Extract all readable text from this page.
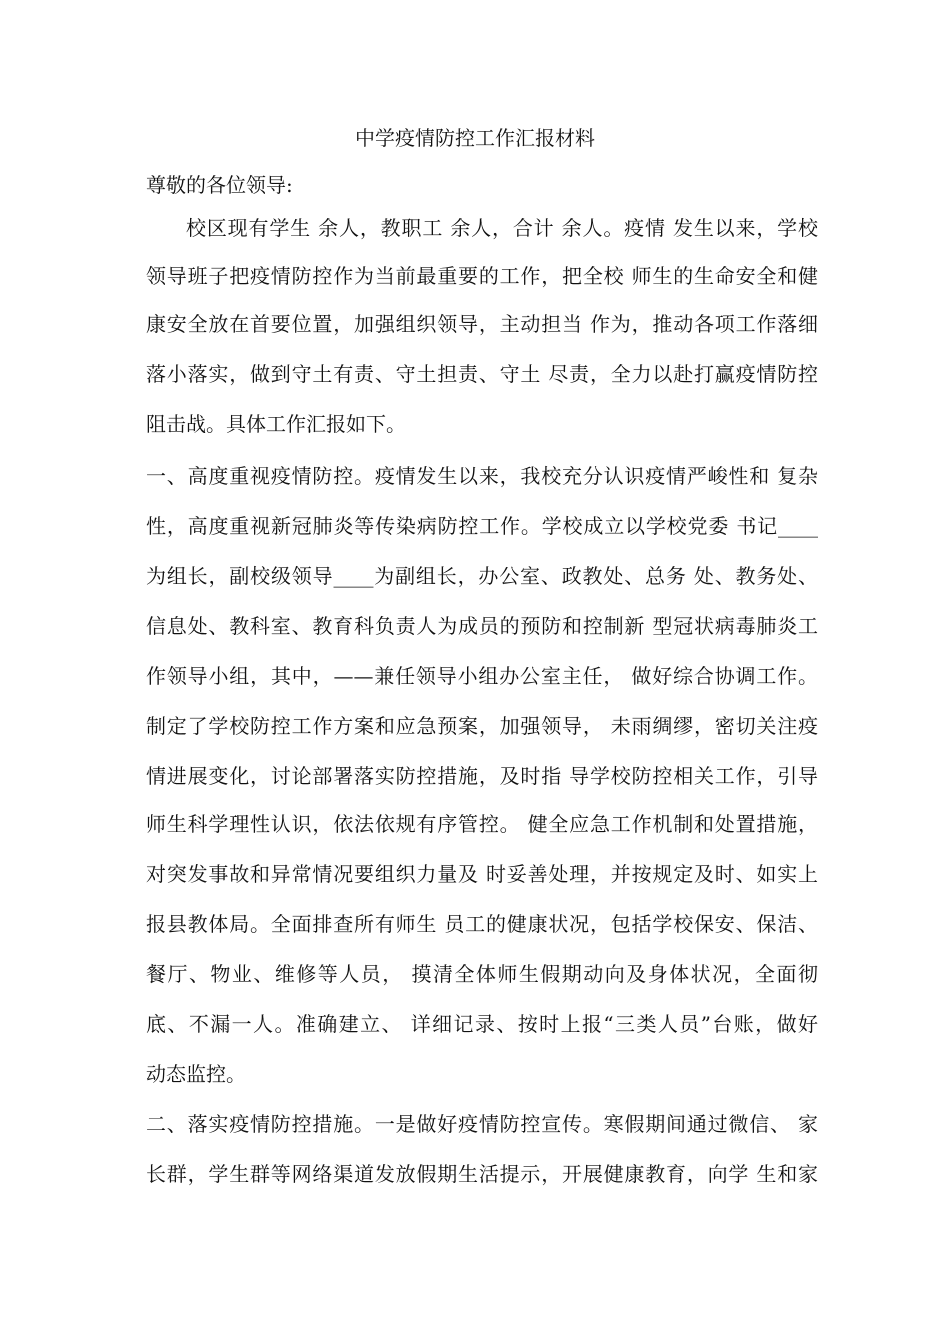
中学疫情防控工作汇报材料
尊敬的各位领导:
校区现有学生 余人，教职工 余人，合计 余人。疫情 发生以来，学校
领导班子把疫情防控作为当前最重要的工作，把全校 师生的生命安全和健
康安全放在首要位置，加强组织领导，主动担当 作为，推动各项工作落细
落小落实，做到守土有责、守土担责、守土 尽责，全力以赴打赢疫情防控
阻击战。具体工作汇报如下。
一、高度重视疫情防控。疫情发生以来，我校充分认识疫情严峻性和 复杂
性，高度重视新冠肺炎等传染病防控工作。学校成立以学校党委 书记____
为组长，副校级领导____为副组长，办公室、政教处、总务 处、教务处、
信息处、教科室、教育科负责人为成员的预防和控制新 型冠状病毒肺炎工
作领导小组，其中，——兼任领导小组办公室主任， 做好综合协调工作。
制定了学校防控工作方案和应急预案，加强领导， 未雨绸缪，密切关注疫
情进展变化，讨论部署落实防控措施，及时指 导学校防控相关工作，引导
师生科学理性认识，依法依规有序管控。 健全应急工作机制和处置措施，
对突发事故和异常情况要组织力量及 时妥善处理，并按规定及时、如实上
报县教体局。全面排查所有师生 员工的健康状况，包括学校保安、保洁、
餐厅、物业、维修等人员， 摸清全体师生假期动向及身体状况，全面彻
底、不漏一人。准确建立、 详细记录、按时上报“三类人员”台账，做好
动态监控。
二、落实疫情防控措施。一是做好疫情防控宣传。寒假期间通过微信、 家
长群，学生群等网络渠道发放假期生活提示，开展健康教育，向学 生和家
